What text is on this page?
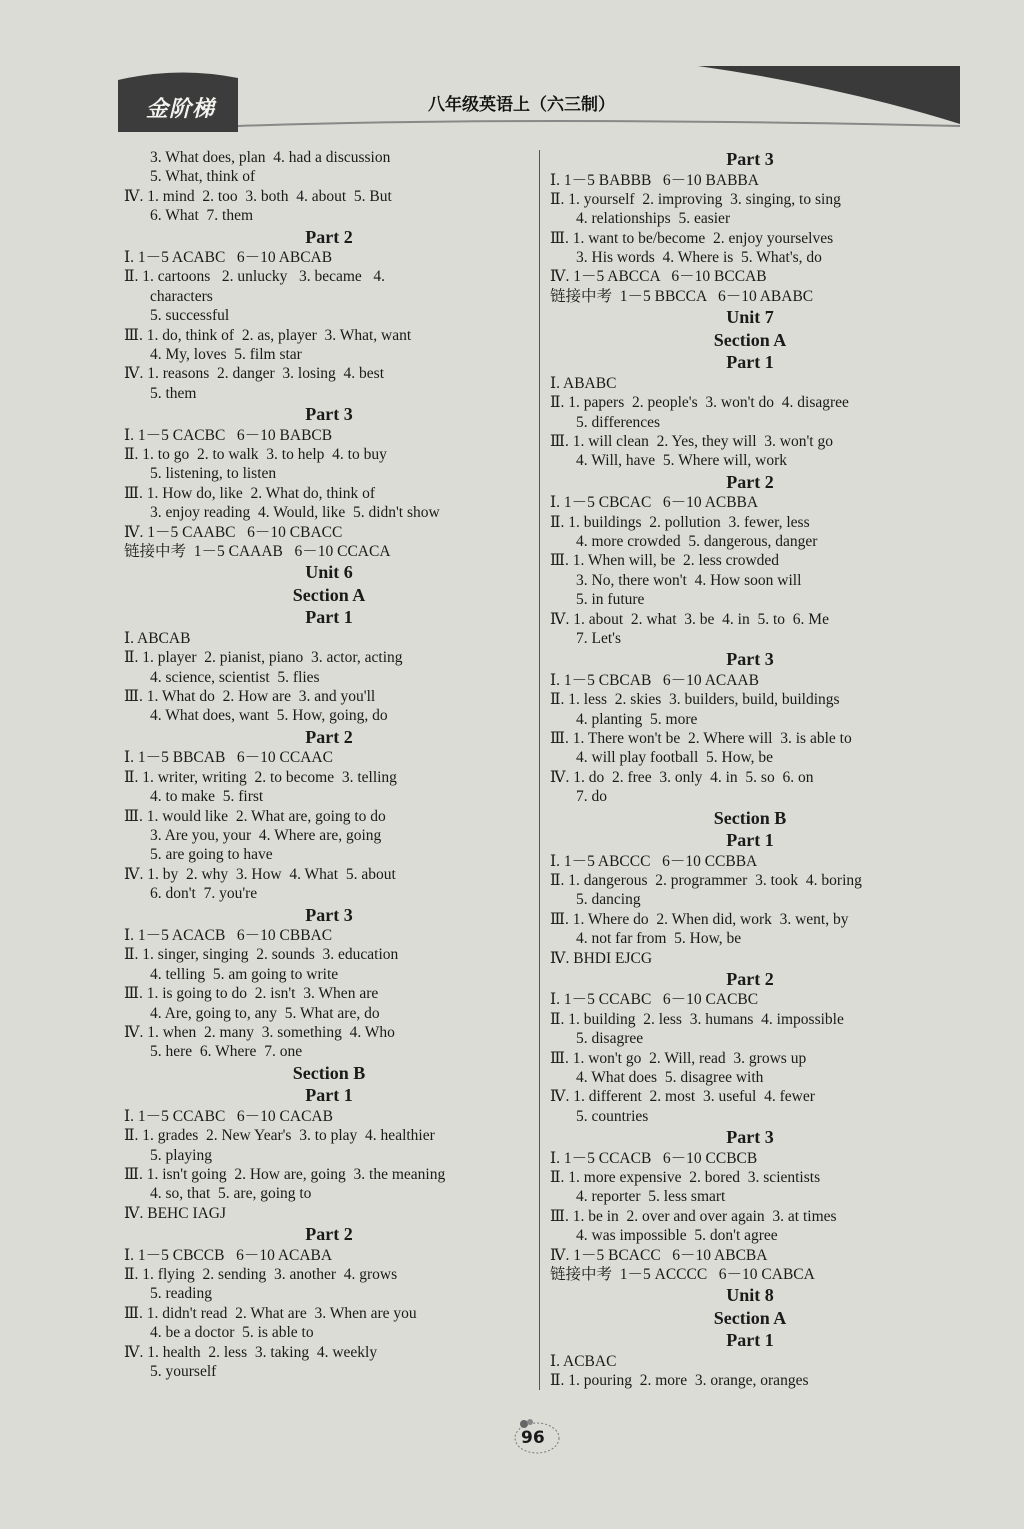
金阶梯	八年级英语上（六三制）
3. What does, plan  4. had a discussion
5. What, think of
Ⅳ. 1. mind  2. too  3. both  4. about  5. But
6. What  7. them
Part 2
Ⅰ. 1－5 ACABC   6－10 ABCAB
Ⅱ. 1. cartoons   2. unlucky   3. became   4.
characters
5. successful
Ⅲ. 1. do, think of  2. as, player  3. What, want
4. My, loves  5. film star
Ⅳ. 1. reasons  2. danger  3. losing  4. best
5. them
Part 3
Ⅰ. 1－5 CACBC   6－10 BABCB
Ⅱ. 1. to go  2. to walk  3. to help  4. to buy
5. listening, to listen
Ⅲ. 1. How do, like  2. What do, think of
3. enjoy reading  4. Would, like  5. didn't show
Ⅳ. 1－5 CAABC   6－10 CBACC
链接中考  1－5 CAAAB   6－10 CCACA
Unit 6
Section A
Part 1
Ⅰ. ABCAB
Ⅱ. 1. player  2. pianist, piano  3. actor, acting
4. science, scientist  5. flies
Ⅲ. 1. What do  2. How are  3. and you'll
4. What does, want  5. How, going, do
Part 2
Ⅰ. 1－5 BBCAB   6－10 CCAAC
Ⅱ. 1. writer, writing  2. to become  3. telling
4. to make  5. first
Ⅲ. 1. would like  2. What are, going to do
3. Are you, your  4. Where are, going
5. are going to have
Ⅳ. 1. by  2. why  3. How  4. What  5. about
6. don't  7. you're
Part 3
Ⅰ. 1－5 ACACB   6－10 CBBAC
Ⅱ. 1. singer, singing  2. sounds  3. education
4. telling  5. am going to write
Ⅲ. 1. is going to do  2. isn't  3. When are
4. Are, going to, any  5. What are, do
Ⅳ. 1. when  2. many  3. something  4. Who
5. here  6. Where  7. one
Section B
Part 1
Ⅰ. 1－5 CCABC   6－10 CACAB
Ⅱ. 1. grades  2. New Year's  3. to play  4. healthier
5. playing
Ⅲ. 1. isn't going  2. How are, going  3. the meaning
4. so, that  5. are, going to
Ⅳ. BEHC IAGJ
Part 2
Ⅰ. 1－5 CBCCB   6－10 ACABA
Ⅱ. 1. flying  2. sending  3. another  4. grows
5. reading
Ⅲ. 1. didn't read  2. What are  3. When are you
4. be a doctor  5. is able to
Ⅳ. 1. health  2. less  3. taking  4. weekly
5. yourself
Part 3
Ⅰ. 1－5 BABBB   6－10 BABBA
Ⅱ. 1. yourself  2. improving  3. singing, to sing
4. relationships  5. easier
Ⅲ. 1. want to be/become  2. enjoy yourselves
3. His words  4. Where is  5. What's, do
Ⅳ. 1－5 ABCCA   6－10 BCCAB
链接中考  1－5 BBCCA   6－10 ABABC
Unit 7
Section A
Part 1
Ⅰ. ABABC
Ⅱ. 1. papers  2. people's  3. won't do  4. disagree
5. differences
Ⅲ. 1. will clean  2. Yes, they will  3. won't go
4. Will, have  5. Where will, work
Part 2
Ⅰ. 1－5 CBCAC   6－10 ACBBA
Ⅱ. 1. buildings  2. pollution  3. fewer, less
4. more crowded  5. dangerous, danger
Ⅲ. 1. When will, be  2. less crowded
3. No, there won't  4. How soon will
5. in future
Ⅳ. 1. about  2. what  3. be  4. in  5. to  6. Me
7. Let's
Part 3
Ⅰ. 1－5 CBCAB   6－10 ACAAB
Ⅱ. 1. less  2. skies  3. builders, build, buildings
4. planting  5. more
Ⅲ. 1. There won't be  2. Where will  3. is able to
4. will play football  5. How, be
Ⅳ. 1. do  2. free  3. only  4. in  5. so  6. on
7. do
Section B
Part 1
Ⅰ. 1－5 ABCCC   6－10 CCBBA
Ⅱ. 1. dangerous  2. programmer  3. took  4. boring
5. dancing
Ⅲ. 1. Where do  2. When did, work  3. went, by
4. not far from  5. How, be
Ⅳ. BHDI EJCG
Part 2
Ⅰ. 1－5 CCABC   6－10 CACBC
Ⅱ. 1. building  2. less  3. humans  4. impossible
5. disagree
Ⅲ. 1. won't go  2. Will, read  3. grows up
4. What does  5. disagree with
Ⅳ. 1. different  2. most  3. useful  4. fewer
5. countries
Part 3
Ⅰ. 1－5 CCACB   6－10 CCBCB
Ⅱ. 1. more expensive  2. bored  3. scientists
4. reporter  5. less smart
Ⅲ. 1. be in  2. over and over again  3. at times
4. was impossible  5. don't agree
Ⅳ. 1－5 BCACC   6－10 ABCBA
链接中考  1－5 ACCCC   6－10 CABCA
Unit 8
Section A
Part 1
Ⅰ. ACBAC
Ⅱ. 1. pouring  2. more  3. orange, oranges
96
